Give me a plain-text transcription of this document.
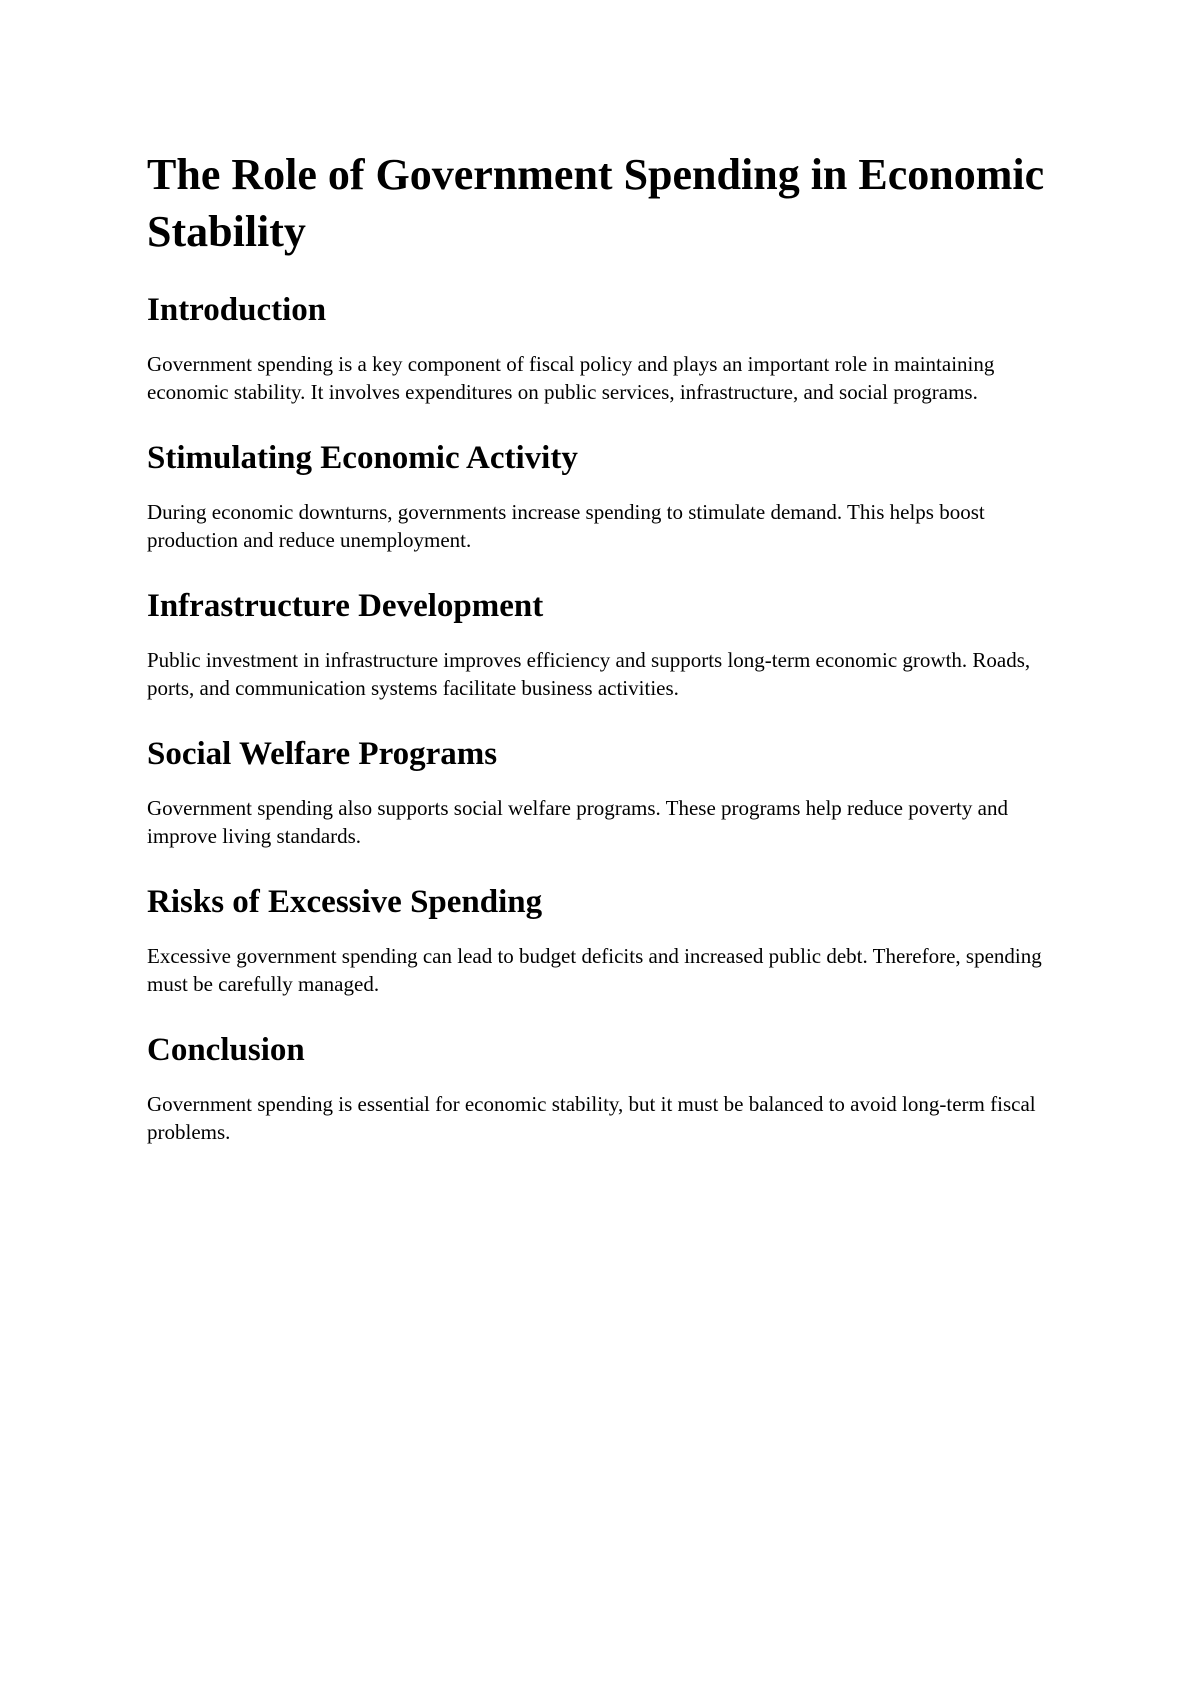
The Role of Government Spending in Economic Stability
Introduction

Government spending is a key component of fiscal policy and plays an important role in maintaining economic stability. It involves expenditures on public services, infrastructure, and social programs.

Stimulating Economic Activity

During economic downturns, governments increase spending to stimulate demand. This helps boost production and reduce unemployment.

Infrastructure Development

Public investment in infrastructure improves efficiency and supports long-term economic growth. Roads, ports, and communication systems facilitate business activities.

Social Welfare Programs

Government spending also supports social welfare programs. These programs help reduce poverty and improve living standards.

Risks of Excessive Spending

Excessive government spending can lead to budget deficits and increased public debt. Therefore, spending must be carefully managed.

Conclusion

Government spending is essential for economic stability, but it must be balanced to avoid long-term fiscal problems.
